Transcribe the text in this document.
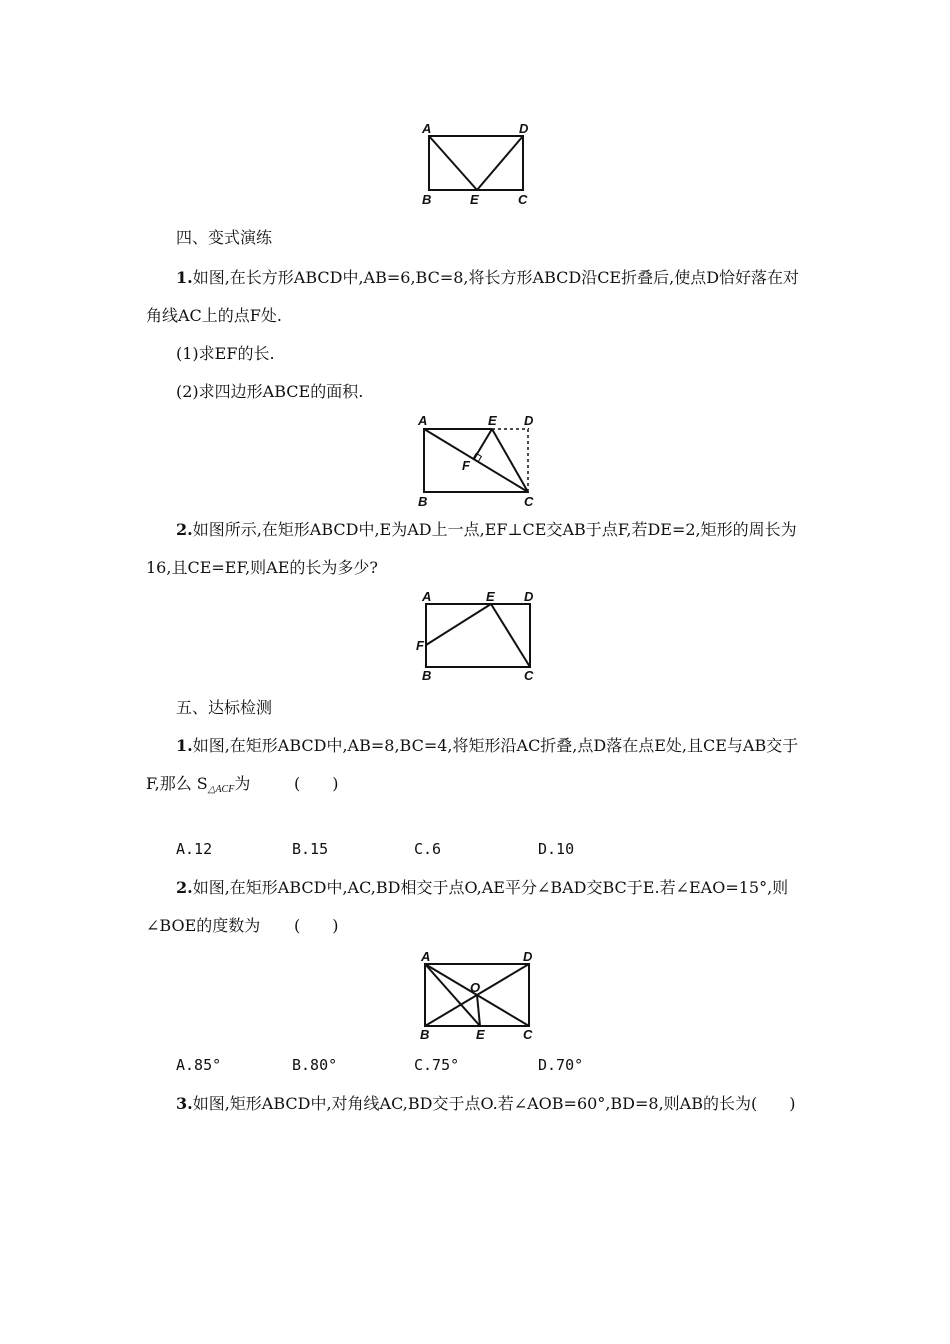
A	D
B	E	C
四、变式演练
1.如图,在长方形ABCD中,AB=6,BC=8,将长方形ABCD沿CE折叠后,使点D恰好落在对
角线AC上的点F处.
(1)求EF的长.
(2)求四边形ABCE的面积.
A	E D
F
B	C
2.如图所示,在矩形ABCD中,E为AD上一点,EF⊥CE交AB于点F,若DE=2,矩形的周长为
16,且CE=EF,则AE的长为多少?
A	E D
F
B	C
五、达标检测
1.如图,在矩形ABCD中,AB=8,BC=4,将矩形沿AC折叠,点D落在点E处,且CE与AB交于
F,那么 $S_{\triangle ACF}$为	(　　)
A.12	B.15	C.6	D.10
2.如图,在矩形ABCD中,AC,BD相交于点O,AE平分∠BAD交BC于E.若∠EAO=15°,则
∠BOE的度数为 (　　)
A	D
O
B	E	C
A.85°	B.80°	C.75°	D.70°
3.如图,矩形ABCD中,对角线AC,BD交于点O.若∠AOB=60°,BD=8,则AB的长为(　　)
